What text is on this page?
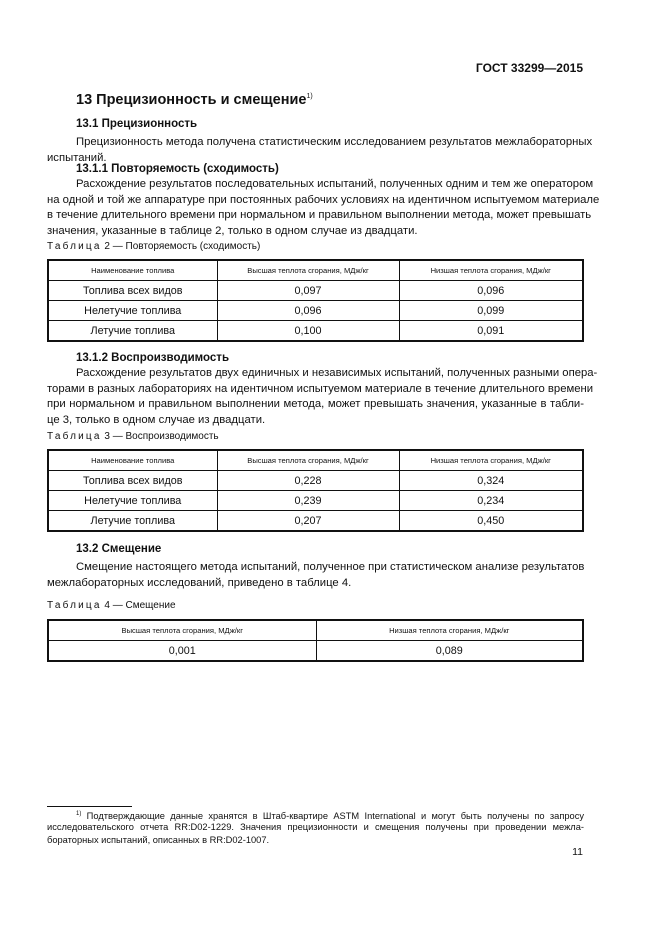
ГОСТ 33299—2015
13 Прецизионность и смещение$^{1)}$
13.1 Прецизионность
Прецизионность метода получена статистическим исследованием результатов межлабораторных
испытаний.
13.1.1 Повторяемость (сходимость)
Расхождение результатов последовательных испытаний, полученных одним и тем же оператором
на одной и той же аппаратуре при постоянных рабочих условиях на идентичном испытуемом материале
в течение длительного времени при нормальном и правильном выполнении метода, может превышать
значения, указанные в таблице 2, только в одном случае из двадцати.
Таблица 2 — Повторяемость (сходимость)
Наименование топлива	Высшая теплота сгорания, МДж/кг	Низшая теплота сгорания, МДж/кг
Топлива всех видов	0,097	0,096
Нелетучие топлива	0,096	0,099
Летучие топлива	0,100	0,091
13.1.2 Воспроизводимость
Расхождение результатов двух единичных и независимых испытаний, полученных разными опера-
торами в разных лабораториях на идентичном испытуемом материале в течение длительного времени
при нормальном и правильном выполнении метода, может превышать значения, указанные в табли-
це 3, только в одном случае из двадцати.
Таблица 3 — Воспроизводимость
Наименование топлива	Высшая теплота сгорания, МДж/кг	Низшая теплота сгорания, МДж/кг
Топлива всех видов	0,228	0,324
Нелетучие топлива	0,239	0,234
Летучие топлива	0,207	0,450
13.2 Смещение
Смещение настоящего метода испытаний, полученное при статистическом анализе результатов
межлабораторных исследований, приведено в таблице 4.
Таблица 4 — Смещение
Высшая теплота сгорания, МДж/кг	Низшая теплота сгорания, МДж/кг
0,001	0,089
$^{1)}$ Подтверждающие данные хранятся в Штаб-квартире ASTM International и могут быть получены по запросу
исследовательского отчета RR:D02-1229. Значения прецизионности и смещения получены при проведении межла-
бораторных испытаний, описанных в RR:D02-1007.
11
